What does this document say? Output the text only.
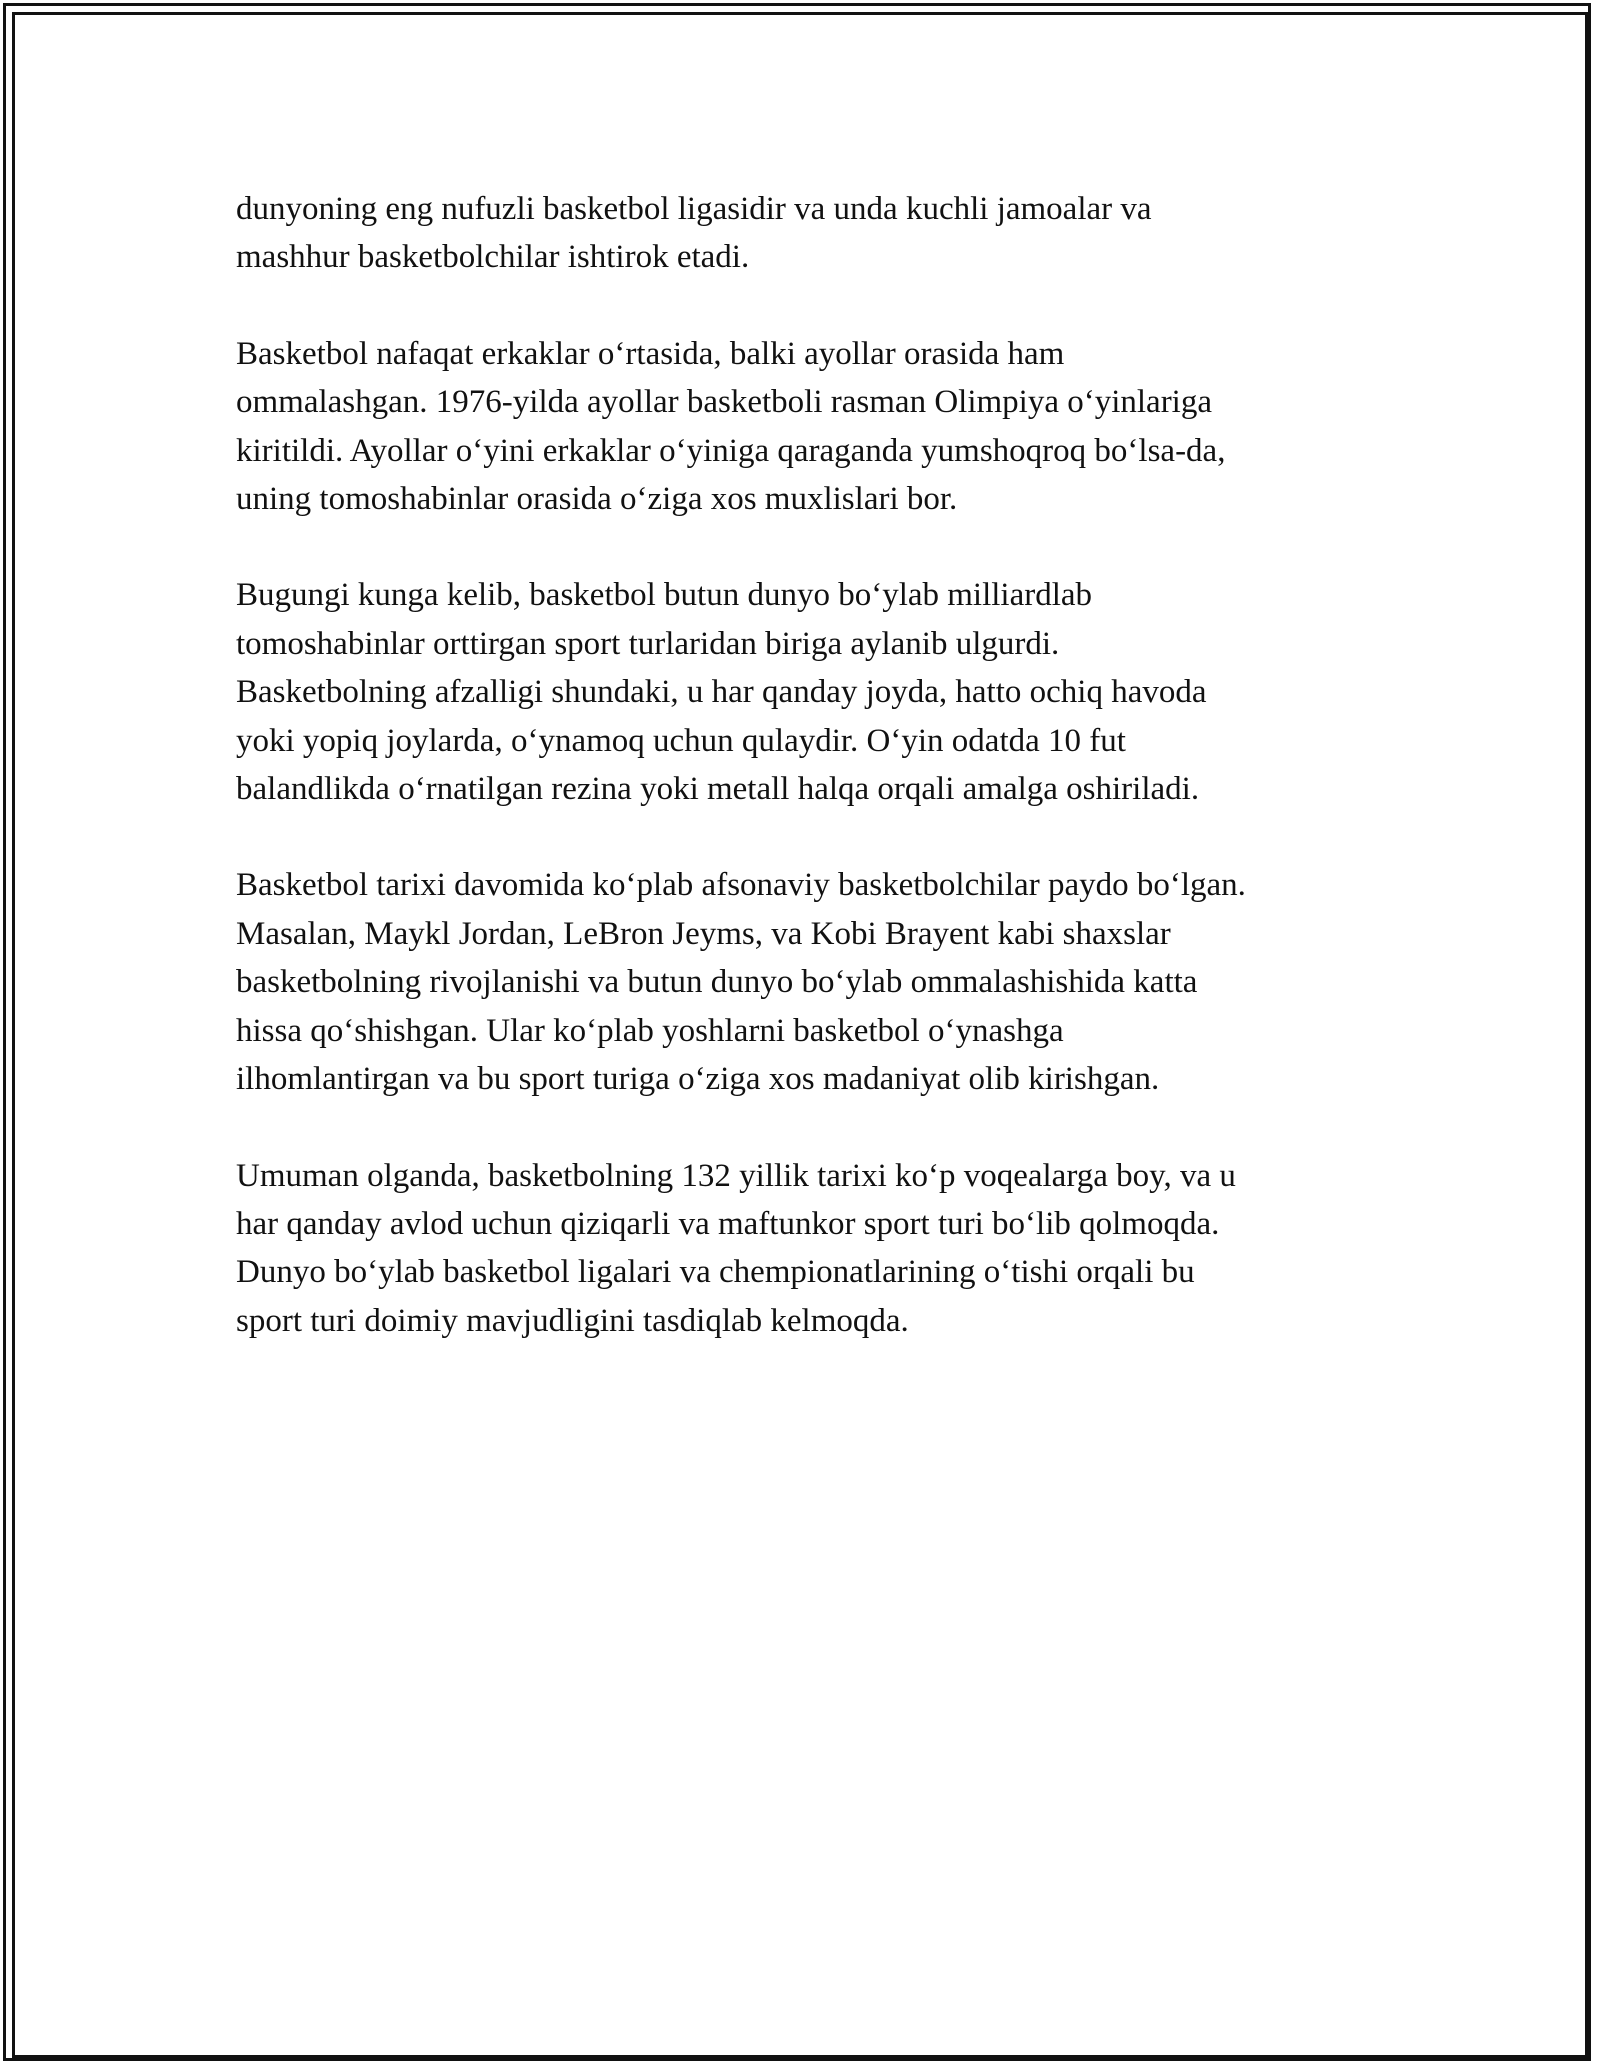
dunyoning eng nufuzli basketbol ligasidir va unda kuchli jamoalar va
mashhur basketbolchilar ishtirok etadi.

Basketbol nafaqat erkaklar o‘rtasida, balki ayollar orasida ham
ommalashgan. 1976-yilda ayollar basketboli rasman Olimpiya o‘yinlariga
kiritildi. Ayollar o‘yini erkaklar o‘yiniga qaraganda yumshoqroq bo‘lsa-da,
uning tomoshabinlar orasida o‘ziga xos muxlislari bor.

Bugungi kunga kelib, basketbol butun dunyo bo‘ylab milliardlab
tomoshabinlar orttirgan sport turlaridan biriga aylanib ulgurdi.
Basketbolning afzalligi shundaki, u har qanday joyda, hatto ochiq havoda
yoki yopiq joylarda, o‘ynamoq uchun qulaydir. O‘yin odatda 10 fut
balandlikda o‘rnatilgan rezina yoki metall halqa orqali amalga oshiriladi.

Basketbol tarixi davomida ko‘plab afsonaviy basketbolchilar paydo bo‘lgan.
Masalan, Maykl Jordan, LeBron Jeyms, va Kobi Brayent kabi shaxslar
basketbolning rivojlanishi va butun dunyo bo‘ylab ommalashishida katta
hissa qo‘shishgan. Ular ko‘plab yoshlarni basketbol o‘ynashga
ilhomlantirgan va bu sport turiga o‘ziga xos madaniyat olib kirishgan.

Umuman olganda, basketbolning 132 yillik tarixi ko‘p voqealarga boy, va u
har qanday avlod uchun qiziqarli va maftunkor sport turi bo‘lib qolmoqda.
Dunyo bo‘ylab basketbol ligalari va chempionatlarining o‘tishi orqali bu
sport turi doimiy mavjudligini tasdiqlab kelmoqda.
